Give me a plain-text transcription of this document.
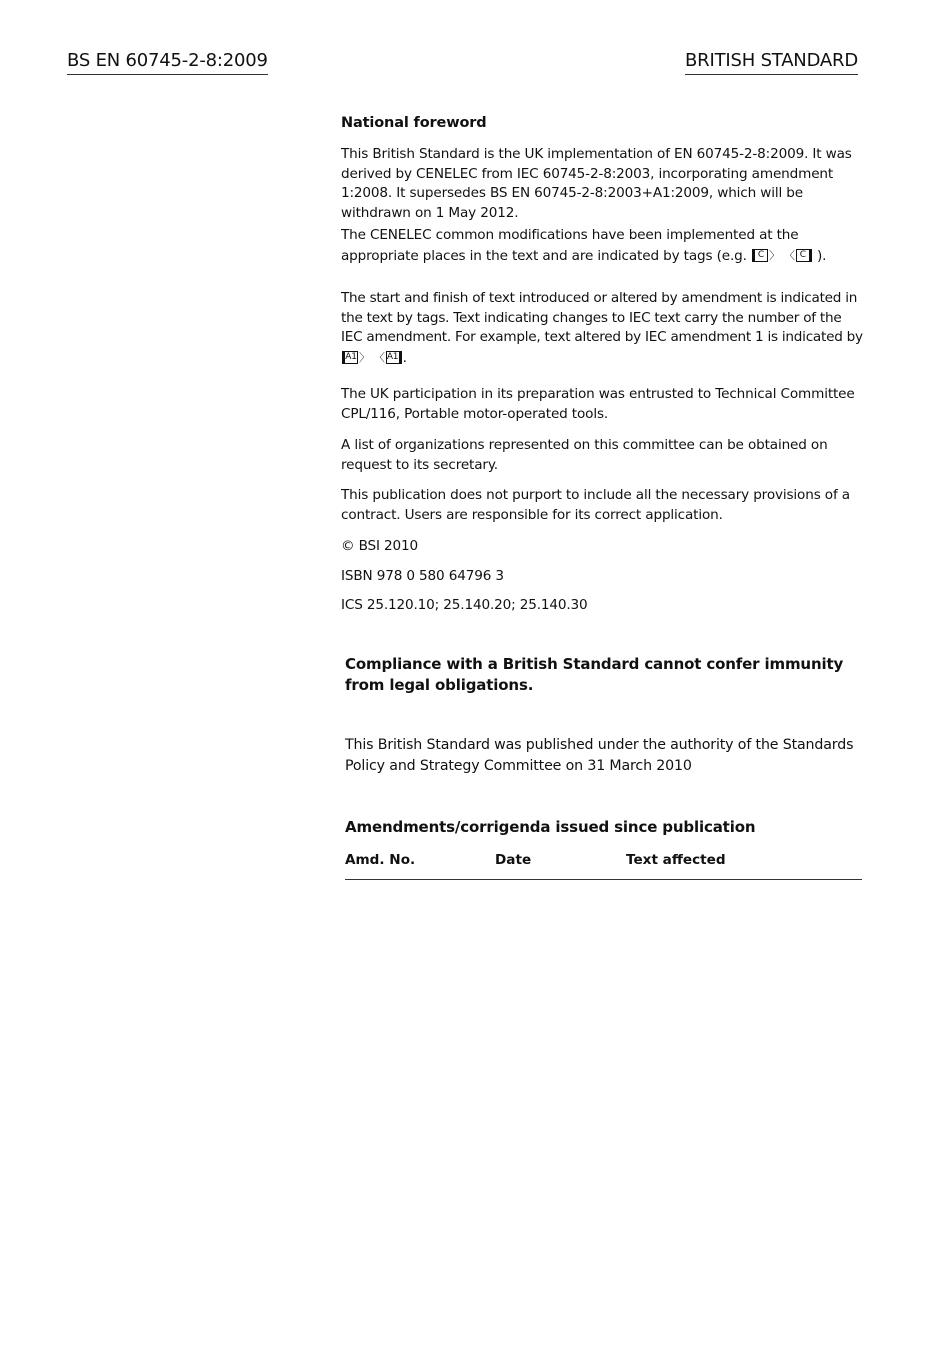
BS EN 60745-2-8:2009	BRITISH STANDARD

National foreword

This British Standard is the UK implementation of EN 60745-2-8:2009. It was derived by CENELEC from IEC 60745-2-8:2003, incorporating amendment 1:2008. It supersedes BS EN 60745-2-8:2003+A1:2009, which will be withdrawn on 1 May 2012.

The CENELEC common modifications have been implemented at the appropriate places in the text and are indicated by tags (e.g. C 〉 〈 C ).

The start and finish of text introduced or altered by amendment is indicated in the text by tags. Text indicating changes to IEC text carry the number of the IEC amendment. For example, text altered by IEC amendment 1 is indicated by A1 〉 〈 A1 .

The UK participation in its preparation was entrusted to Technical Committee CPL/116, Portable motor-operated tools.

A list of organizations represented on this committee can be obtained on request to its secretary.

This publication does not purport to include all the necessary provisions of a contract. Users are responsible for its correct application.

© BSI 2010

ISBN 978 0 580 64796 3

ICS 25.120.10; 25.140.20; 25.140.30

Compliance with a British Standard cannot confer immunity from legal obligations.

This British Standard was published under the authority of the Standards Policy and Strategy Committee on 31 March 2010

Amendments/corrigenda issued since publication

Amd. No.	Date	Text affected
